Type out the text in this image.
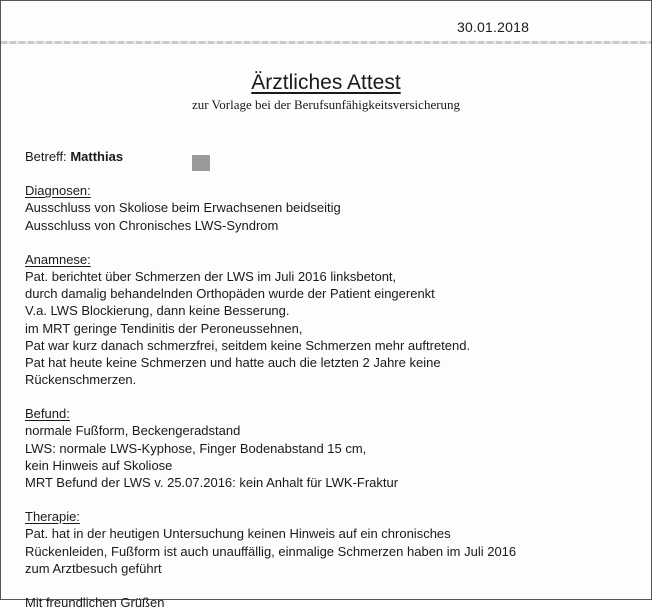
30.01.2018
Ärztliches Attest
zur Vorlage bei der Berufsunfähigkeitsversicherung
Betreff: Matthias
Diagnosen:
Ausschluss von Skoliose beim Erwachsenen beidseitig
Ausschluss von Chronisches LWS-Syndrom
Anamnese:
Pat. berichtet über Schmerzen der LWS im Juli 2016 linksbetont,
durch damalig behandelnden Orthopäden wurde der Patient eingerenkt
V.a. LWS Blockierung, dann keine Besserung.
im MRT geringe Tendinitis der Peroneussehnen,
Pat war kurz danach schmerzfrei, seitdem keine Schmerzen mehr auftretend.
Pat hat heute keine Schmerzen und hatte auch die letzten 2 Jahre keine
Rückenschmerzen.
Befund:
normale Fußform, Beckengeradstand
LWS: normale LWS-Kyphose, Finger Bodenabstand 15 cm,
kein Hinweis auf Skoliose
MRT Befund der LWS v. 25.07.2016: kein Anhalt für LWK-Fraktur
Therapie:
Pat. hat in der heutigen Untersuchung keinen Hinweis auf ein chronisches
Rückenleiden, Fußform ist auch unauffällig, einmalige Schmerzen haben im Juli 2016
zum Arztbesuch geführt
Mit freundlichen Grüßen
